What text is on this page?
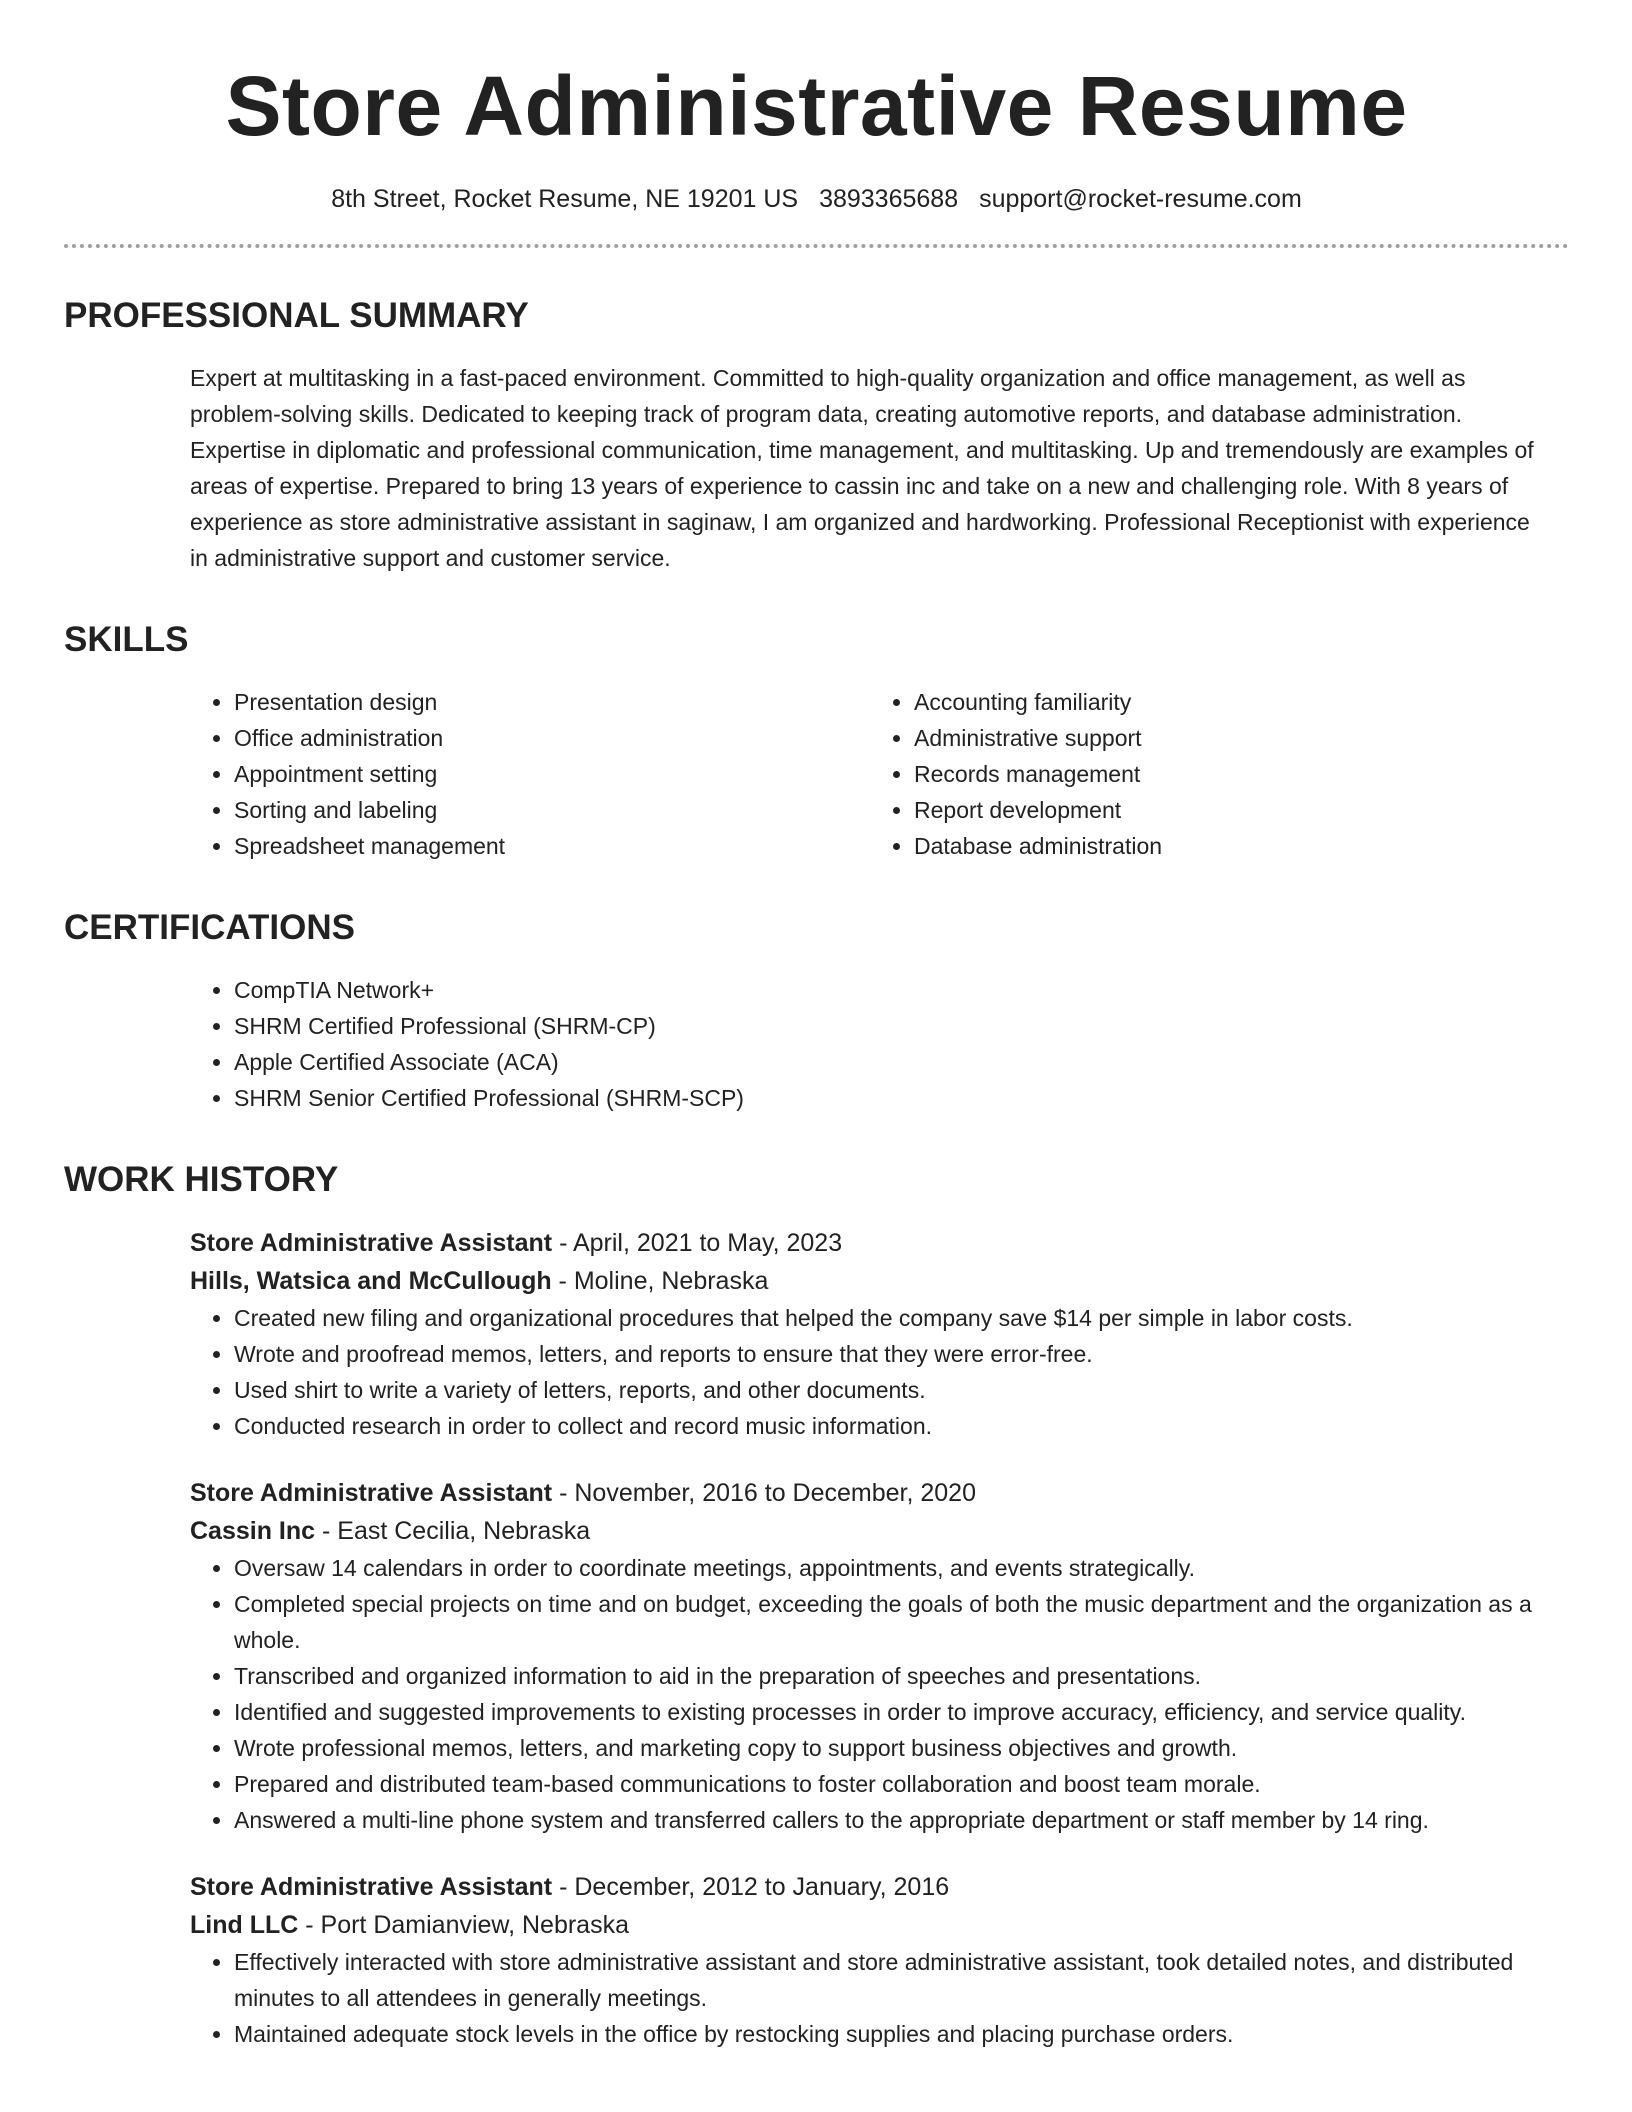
Store Administrative Resume
8th Street, Rocket Resume, NE 19201 US 3893365688 support@rocket-resume.com
PROFESSIONAL SUMMARY
Expert at multitasking in a fast-paced environment. Committed to high-quality organization and office management, as well as problem-solving skills. Dedicated to keeping track of program data, creating automotive reports, and database administration. Expertise in diplomatic and professional communication, time management, and multitasking. Up and tremendously are examples of areas of expertise. Prepared to bring 13 years of experience to cassin inc and take on a new and challenging role. With 8 years of experience as store administrative assistant in saginaw, I am organized and hardworking. Professional Receptionist with experience in administrative support and customer service.
SKILLS
• Presentation design
• Office administration
• Appointment setting
• Sorting and labeling
• Spreadsheet management
• Accounting familiarity
• Administrative support
• Records management
• Report development
• Database administration
CERTIFICATIONS
• CompTIA Network+
• SHRM Certified Professional (SHRM-CP)
• Apple Certified Associate (ACA)
• SHRM Senior Certified Professional (SHRM-SCP)
WORK HISTORY
Store Administrative Assistant - April, 2021 to May, 2023
Hills, Watsica and McCullough - Moline, Nebraska
• Created new filing and organizational procedures that helped the company save $14 per simple in labor costs.
• Wrote and proofread memos, letters, and reports to ensure that they were error-free.
• Used shirt to write a variety of letters, reports, and other documents.
• Conducted research in order to collect and record music information.
Store Administrative Assistant - November, 2016 to December, 2020
Cassin Inc - East Cecilia, Nebraska
• Oversaw 14 calendars in order to coordinate meetings, appointments, and events strategically.
• Completed special projects on time and on budget, exceeding the goals of both the music department and the organization as a whole.
• Transcribed and organized information to aid in the preparation of speeches and presentations.
• Identified and suggested improvements to existing processes in order to improve accuracy, efficiency, and service quality.
• Wrote professional memos, letters, and marketing copy to support business objectives and growth.
• Prepared and distributed team-based communications to foster collaboration and boost team morale.
• Answered a multi-line phone system and transferred callers to the appropriate department or staff member by 14 ring.
Store Administrative Assistant - December, 2012 to January, 2016
Lind LLC - Port Damianview, Nebraska
• Effectively interacted with store administrative assistant and store administrative assistant, took detailed notes, and distributed minutes to all attendees in generally meetings.
• Maintained adequate stock levels in the office by restocking supplies and placing purchase orders.
